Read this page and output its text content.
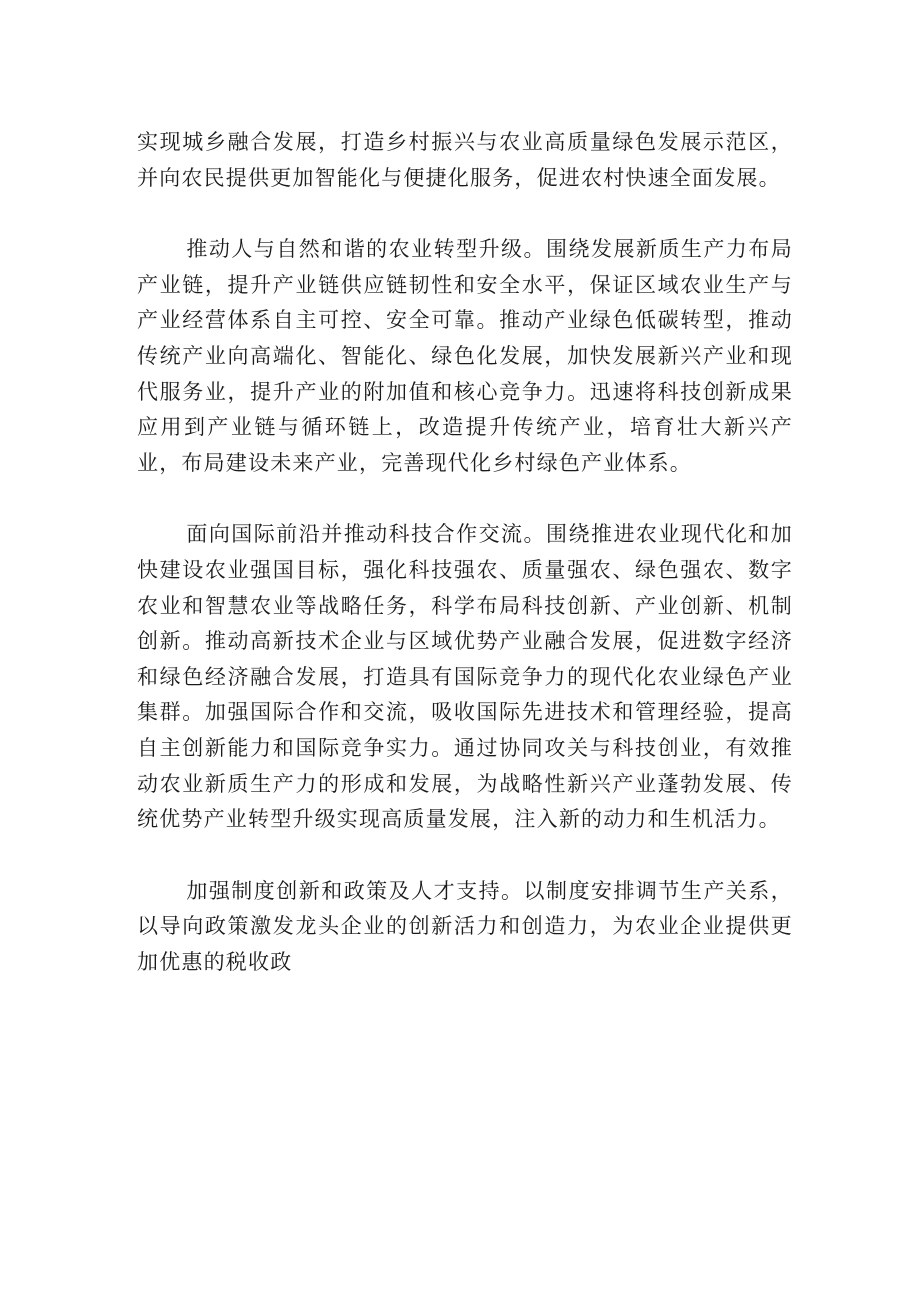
实现城乡融合发展，打造乡村振兴与农业高质量绿色发展示范区，并向农民提供更加智能化与便捷化服务，促进农村快速全面发展。

推动人与自然和谐的农业转型升级。围绕发展新质生产力布局产业链，提升产业链供应链韧性和安全水平，保证区域农业生产与产业经营体系自主可控、安全可靠。推动产业绿色低碳转型，推动传统产业向高端化、智能化、绿色化发展，加快发展新兴产业和现代服务业，提升产业的附加值和核心竞争力。迅速将科技创新成果应用到产业链与循环链上，改造提升传统产业，培育壮大新兴产业，布局建设未来产业，完善现代化乡村绿色产业体系。

面向国际前沿并推动科技合作交流。围绕推进农业现代化和加快建设农业强国目标，强化科技强农、质量强农、绿色强农、数字农业和智慧农业等战略任务，科学布局科技创新、产业创新、机制创新。推动高新技术企业与区域优势产业融合发展，促进数字经济和绿色经济融合发展，打造具有国际竞争力的现代化农业绿色产业集群。加强国际合作和交流，吸收国际先进技术和管理经验，提高自主创新能力和国际竞争实力。通过协同攻关与科技创业，有效推动农业新质生产力的形成和发展，为战略性新兴产业蓬勃发展、传统优势产业转型升级实现高质量发展，注入新的动力和生机活力。

加强制度创新和政策及人才支持。以制度安排调节生产关系，以导向政策激发龙头企业的创新活力和创造力，为农业企业提供更加优惠的税收政
